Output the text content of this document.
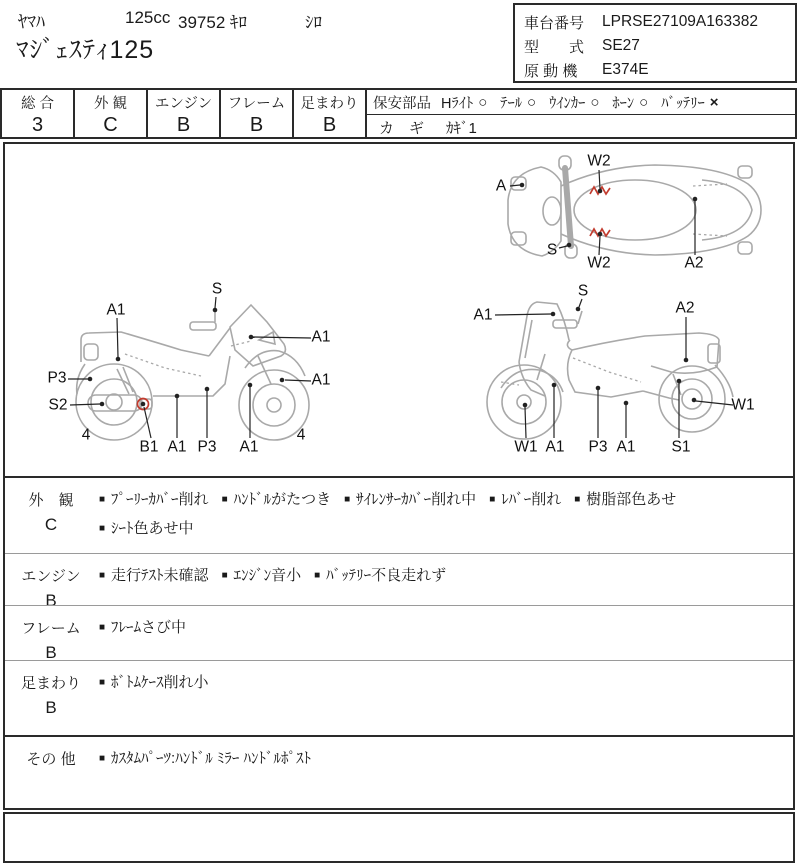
ﾔﾏﾊ	125cc 39752 ｷﾛ	ｼﾛ
ﾏｼﾞｪｽﾃｨ125
車台番号	LPRSE27109A163382
型　　式	SE27
原 動 機	E374E
総 合
3
外 観
C
エンジン
B
フレーム
B
足まわり
B
保安部品 Hﾗｲﾄ ○ ﾃｰﾙ ○ ｳｲﾝｶｰ ○ ﾎｰﾝ ○ ﾊﾞｯﾃﾘｰ ×
カ　ギ ｶｷﾞ1
A
W2
S
W2	A2
A1
S
A1
P3	A1
S2
4
B1 A1 P3 A1
4
A1
S
A2
W1
W1 A1 P3 A1 S1
外　観
C
■ ﾌﾟｰﾘｰｶﾊﾞｰ削れ ■ ﾊﾝﾄﾞﾙがたつき ■ ｻｲﾚﾝｻｰｶﾊﾞｰ削れ中 ■ ﾚﾊﾞｰ削れ ■ 樹脂部色あせ■ ｼｰﾄ色あせ中
エンジン
B
■ 走行ﾃｽﾄ未確認 ■ ｴﾝｼﾞﾝ音小 ■ ﾊﾞｯﾃﾘｰ不良走れず
フレーム
B
■ ﾌﾚｰﾑさび中
足まわり
B
■ ﾎﾞﾄﾑｹｰｽ削れ小
その 他	■ ｶｽﾀﾑﾊﾟｰﾂ:ﾊﾝﾄﾞﾙ ﾐﾗｰ ﾊﾝﾄﾞﾙﾎﾟｽﾄ
